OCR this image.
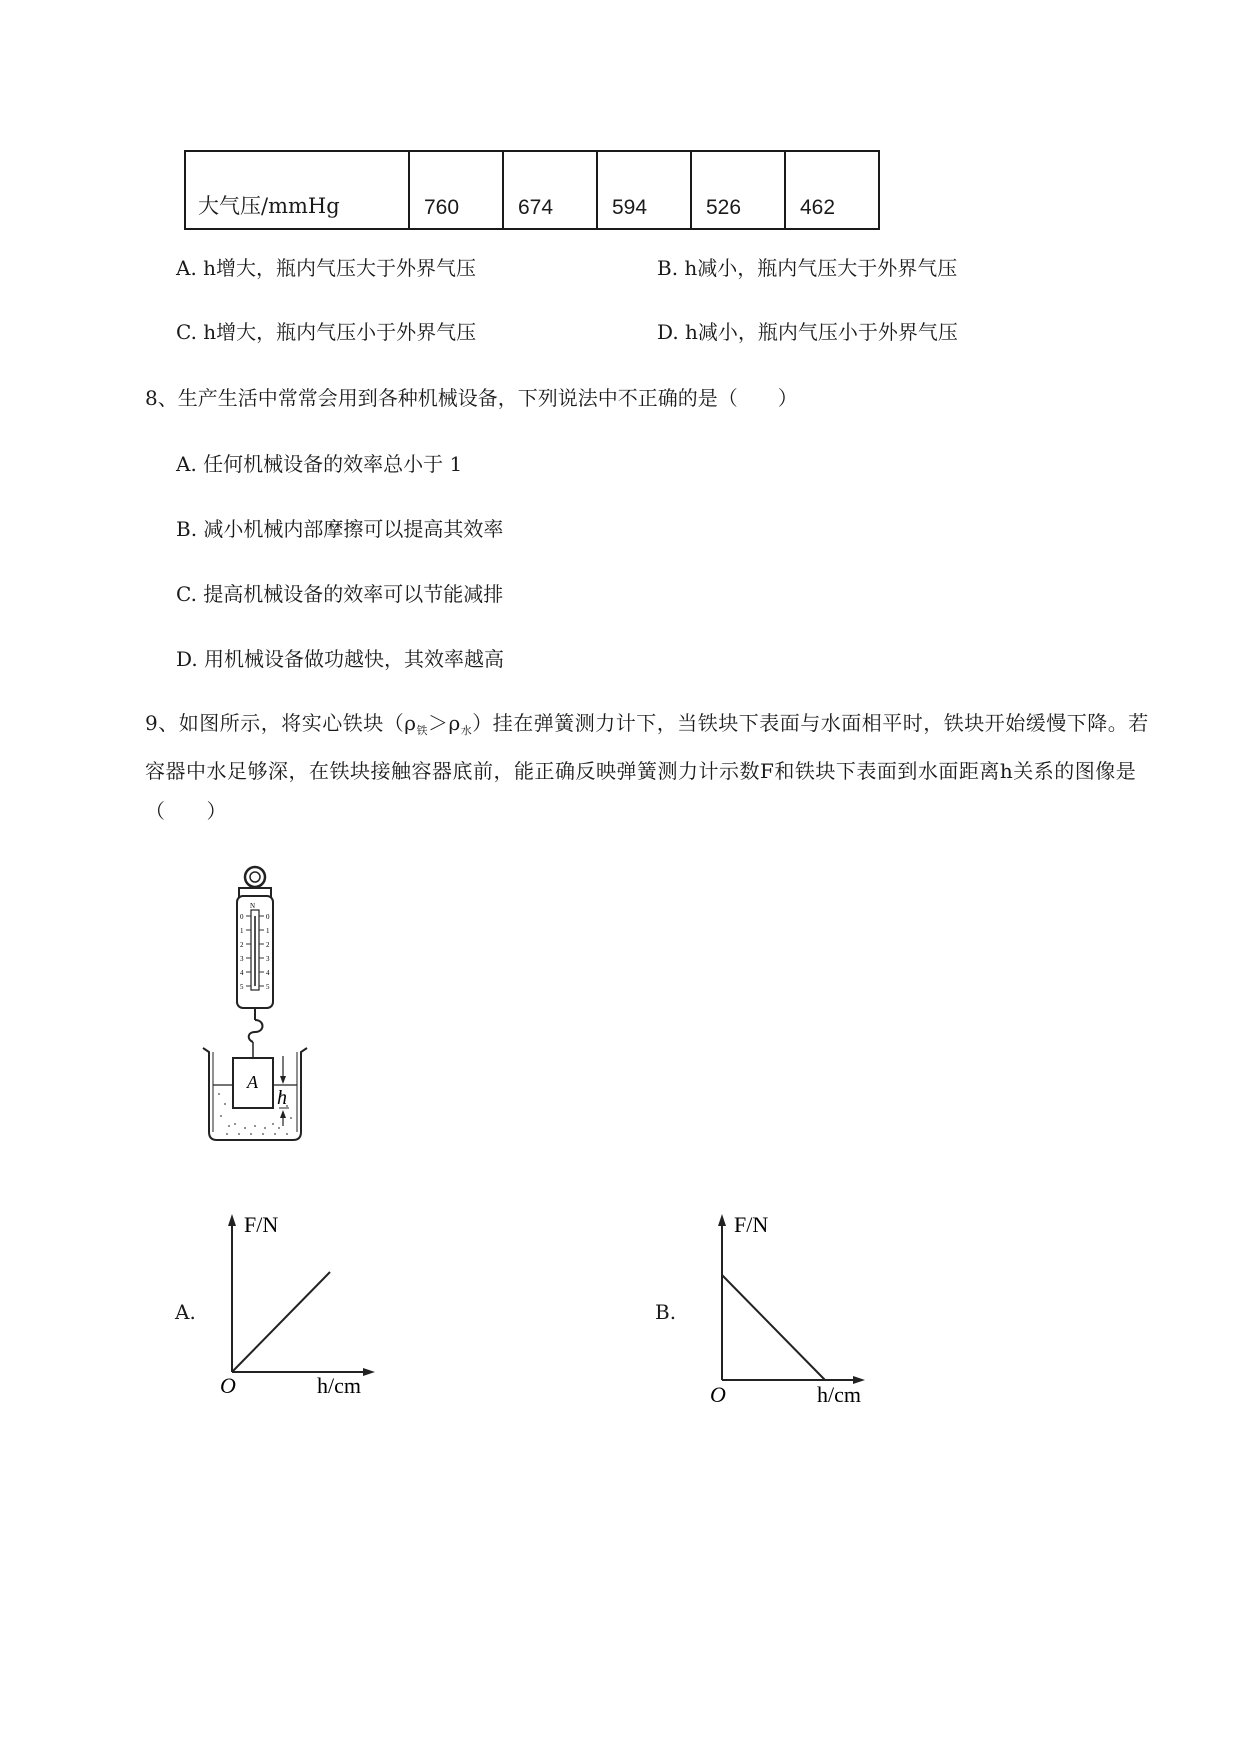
大气压/mmHg	760	674	594	526	462
A. h增大，瓶内气压大于外界气压	B. h减小，瓶内气压大于外界气压
C. h增大，瓶内气压小于外界气压	D. h减小，瓶内气压小于外界气压
8、生产生活中常常会用到各种机械设备，下列说法中不正确的是（　　）
A. 任何机械设备的效率总小于 1
B. 减小机械内部摩擦可以提高其效率
C. 提高机械设备的效率可以节能减排
D. 用机械设备做功越快，其效率越高
9、如图所示，将实心铁块$(\rho_铁>\rho_水)$挂在弹簧测力计下，当铁块下表面与水面相平时，铁块开始缓慢下降。若容器中水足够深，在铁块接触容器底前，能正确反映弹簧测力计示数F和铁块下表面到水面距离h关系的图像是（　　）
N
0	0
1	1
2	2
3	3
4	4
5	5
A
h
A.
F/N
O	h/cm
B.
F/N
O	h/cm
